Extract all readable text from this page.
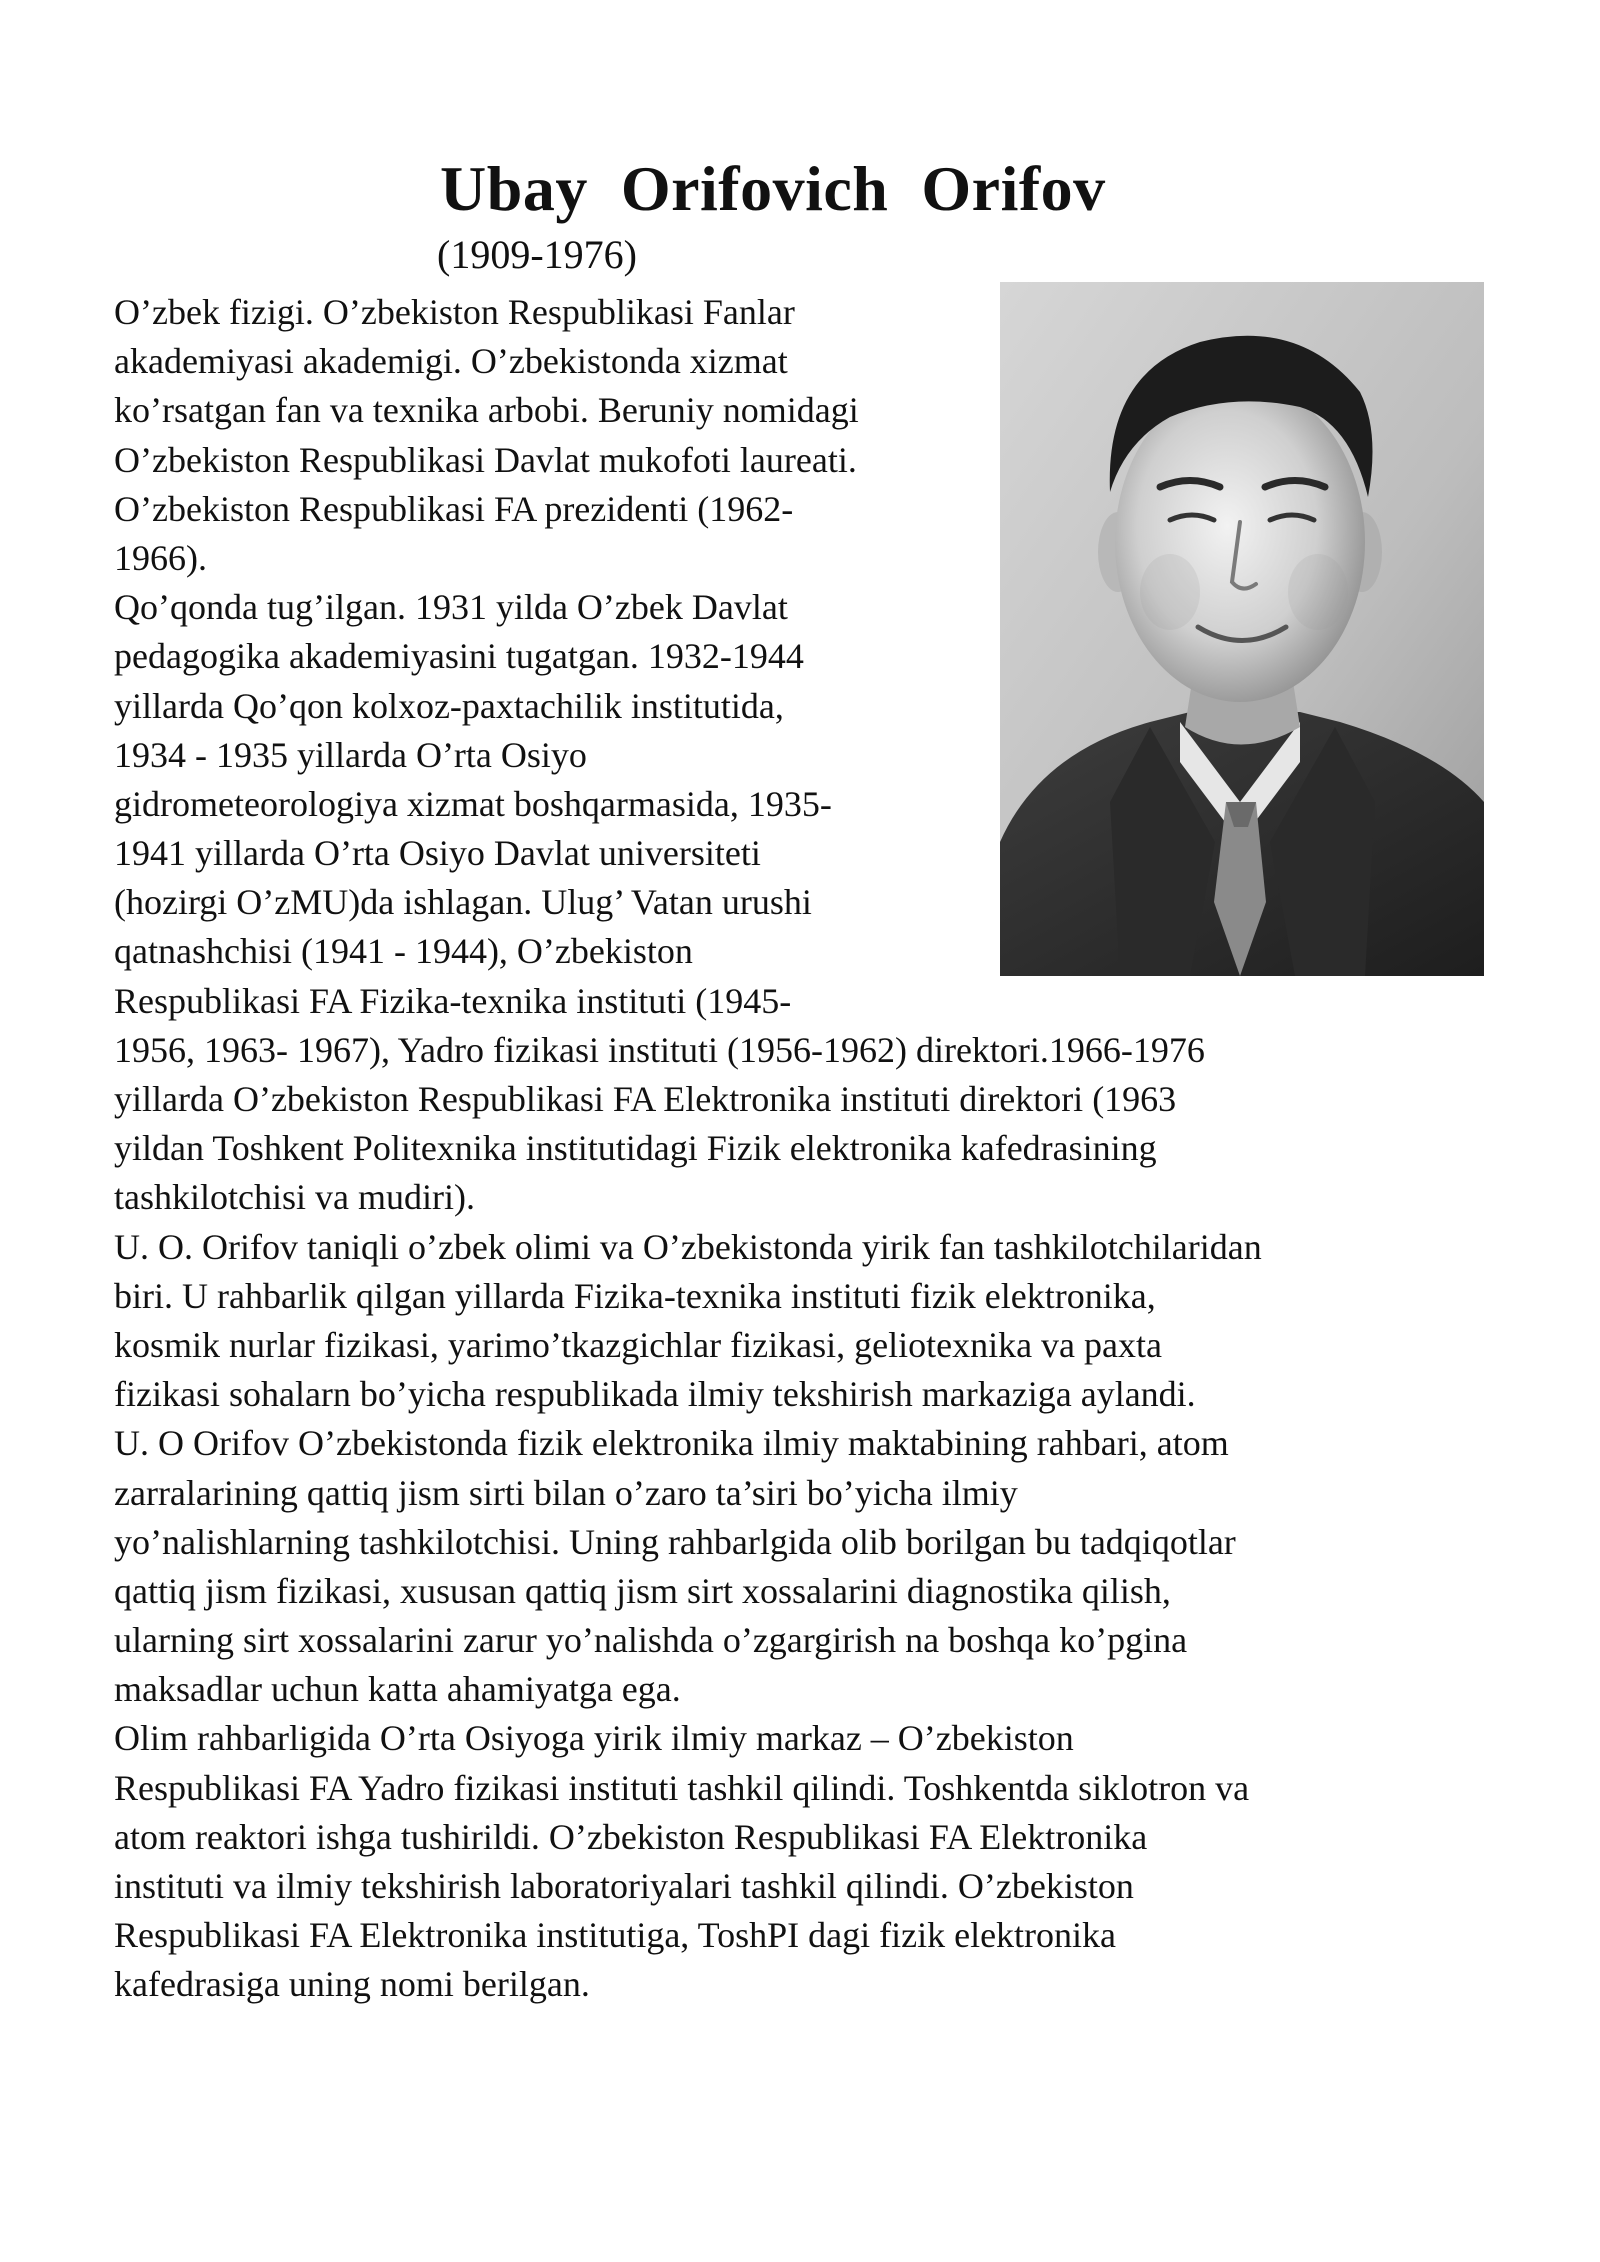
Ubay  Orifovich  Orifov
(1909-1976)
O’zbek fizigi. O’zbekiston Respublikasi Fanlar
akademiyasi akademigi. O’zbekistonda xizmat
ko’rsatgan fan va texnika arbobi. Beruniy nomidagi
O’zbekiston Respublikasi Davlat mukofoti laureati.
O’zbekiston Respublikasi FA prezidenti (1962-
1966).
Qo’qonda tug’ilgan. 1931 yilda O’zbek Davlat
pedagogika akademiyasini tugatgan. 1932-1944
yillarda Qo’qon kolxoz-paxtachilik institutida,
1934 - 1935 yillarda O’rta Osiyo
gidrometeorologiya xizmat boshqarmasida, 1935-
1941 yillarda O’rta Osiyo Davlat universiteti
(hozirgi O’zMU)da ishlagan. Ulug’ Vatan urushi
qatnashchisi (1941 - 1944), O’zbekiston
Respublikasi FA Fizika-texnika instituti (1945-
1956, 1963- 1967), Yadro fizikasi instituti (1956-1962) direktori.1966-1976
yillarda O’zbekiston Respublikasi FA Elektronika instituti direktori (1963
yildan Toshkent Politexnika institutidagi Fizik elektronika kafedrasining
tashkilotchisi va mudiri).
U. O. Orifov taniqli o’zbek olimi va O’zbekistonda yirik fan tashkilotchilaridan
biri. U rahbarlik qilgan yillarda Fizika-texnika instituti fizik elektronika,
kosmik nurlar fizikasi, yarimo’tkazgichlar fizikasi, geliotexnika va paxta
fizikasi sohalarn bo’yicha respublikada ilmiy tekshirish markaziga aylandi.
U. O Orifov O’zbekistonda fizik elektronika ilmiy maktabining rahbari, atom
zarralarining qattiq jism sirti bilan o’zaro ta’siri bo’yicha ilmiy
yo’nalishlarning tashkilotchisi. Uning rahbarlgida olib borilgan bu tadqiqotlar
qattiq jism fizikasi, xususan qattiq jism sirt xossalarini diagnostika qilish,
ularning sirt xossalarini zarur yo’nalishda o’zgargirish na boshqa ko’pgina
maksadlar uchun katta ahamiyatga ega.
Olim rahbarligida O’rta Osiyoga yirik ilmiy markaz – O’zbekiston
Respublikasi FA Yadro fizikasi instituti tashkil qilindi. Toshkentda siklotron va
atom reaktori ishga tushirildi. O’zbekiston Respublikasi FA Elektronika
instituti va ilmiy tekshirish laboratoriyalari tashkil qilindi. O’zbekiston
Respublikasi FA Elektronika institutiga, ToshPI dagi fizik elektronika
kafedrasiga uning nomi berilgan.
